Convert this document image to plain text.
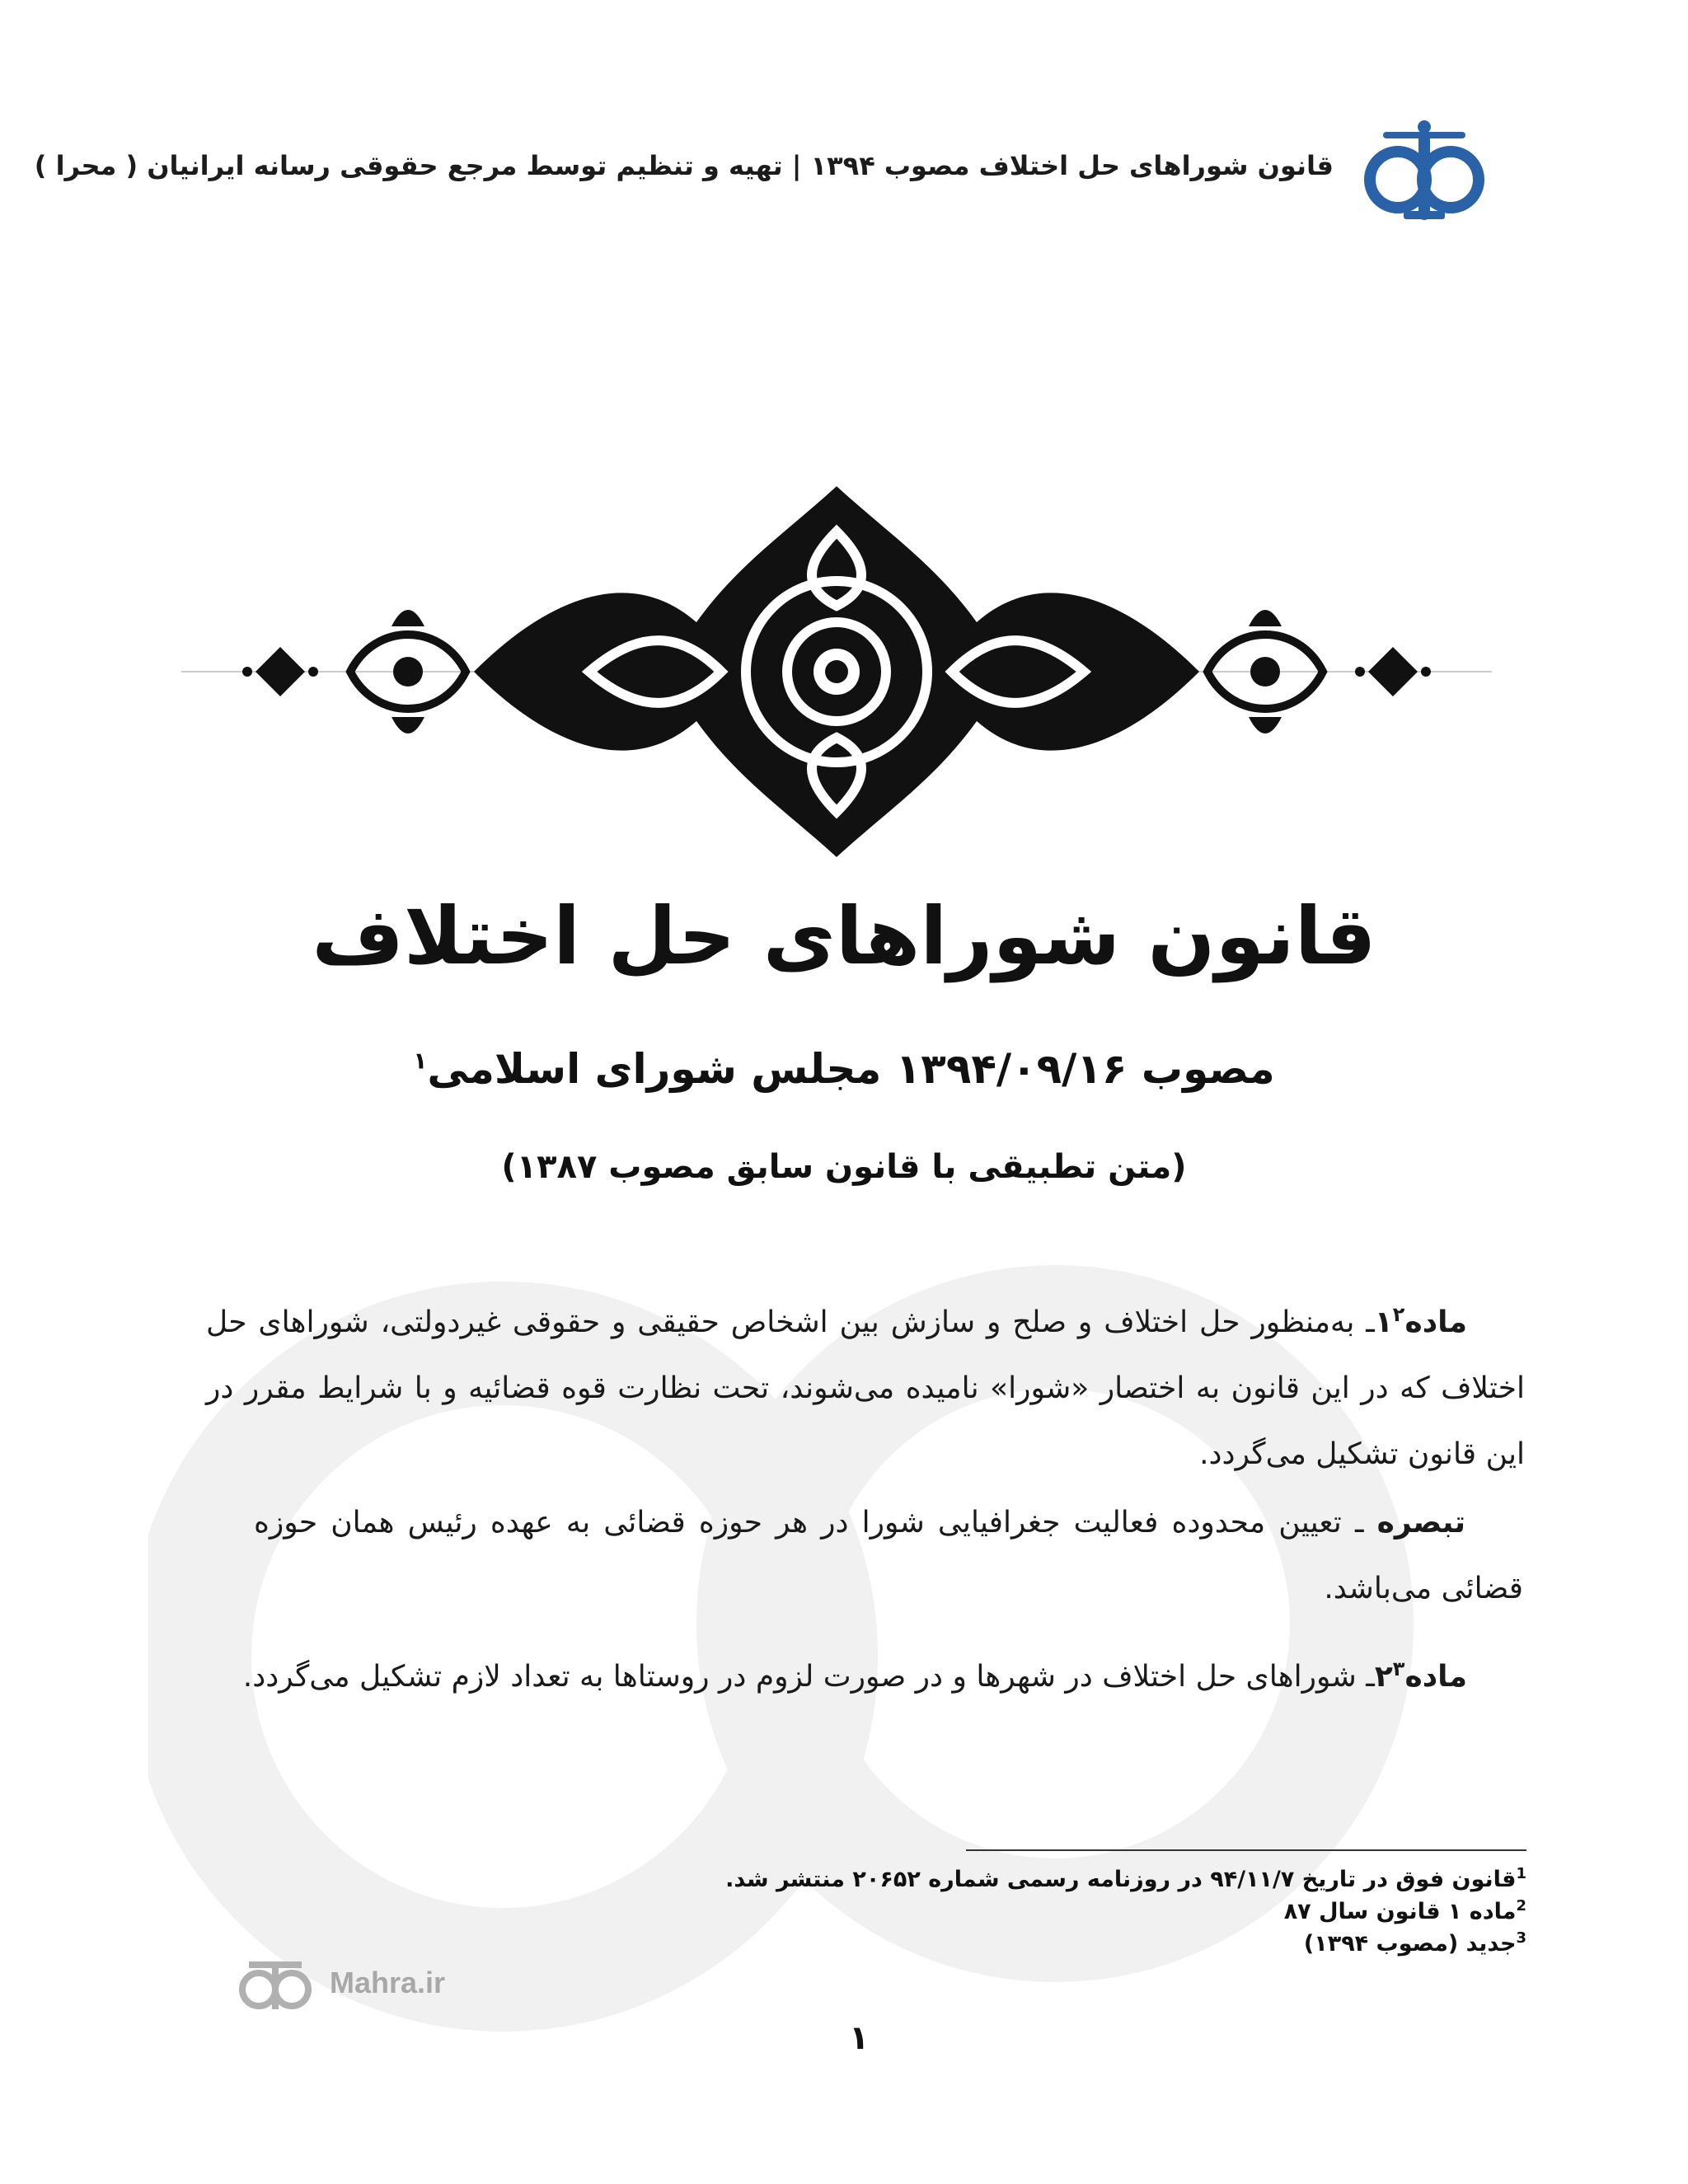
قانون شوراهای حل اختلاف مصوب ۱۳۹۴ | تهیه و تنظیم توسط مرجع حقوقی رسانه ایرانیان ( محرا )
قانون شوراهای حل اختلاف
مصوب ۱۳۹۴/۰۹/۱۶ مجلس شورای اسلامی$^۱$
(متن تطبیقی با قانون سابق مصوب ۱۳۸۷)
ماده۱$^۲$ـ به‌منظور حل اختلاف و صلح و سازش بین اشخاص حقیقی و حقوقی غیردولتی، شوراهای حل اختلاف که در این قانون به اختصار «شورا» نامیده می‌شوند، تحت نظارت قوه قضائیه و با شرایط مقرر در این قانون تشکیل می‌گردد.
تبصره ـ تعیین محدوده فعالیت جغرافیایی شورا در هر حوزه قضائی به عهده رئیس همان حوزه قضائی می‌باشد.
ماده۲$^۳$ـ شوراهای حل اختلاف در شهرها و در صورت لزوم در روستاها به تعداد لازم تشکیل می‌گردد.
$^1$قانون فوق در تاریخ ۹۴/۱۱/۷ در روزنامه رسمی شماره ۲۰۶۵۲ منتشر شد.
$^2$ماده ۱ قانون سال ۸۷
$^3$جدید (مصوب ۱۳۹۴)
Mahra.ir
۱
